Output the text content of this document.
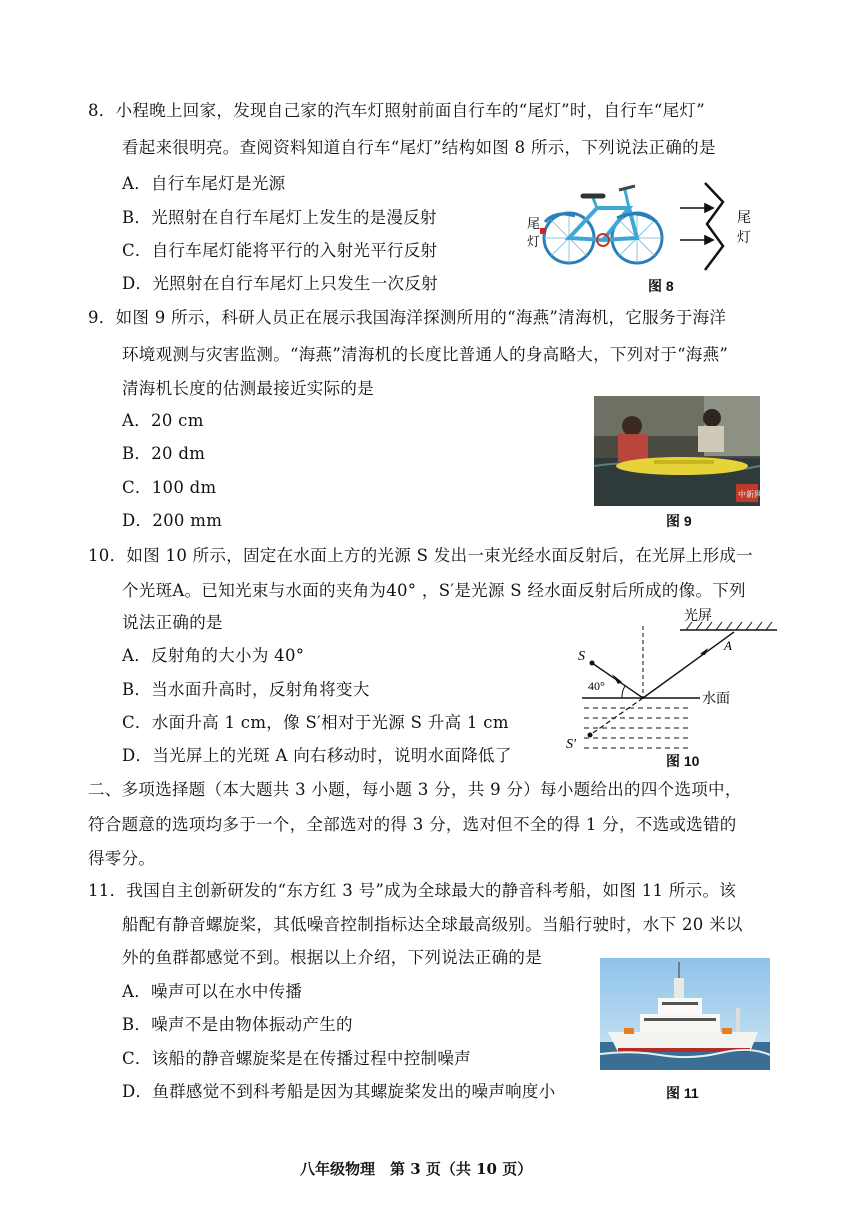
8．小程晚上回家，发现自己家的汽车灯照射前面自行车的“尾灯”时，自行车“尾灯”
看起来很明亮。查阅资料知道自行车“尾灯”结构如图 8 所示，下列说法正确的是
A．自行车尾灯是光源
B．光照射在自行车尾灯上发生的是漫反射
C．自行车尾灯能将平行的入射光平行反射
D．光照射在自行车尾灯上只发生一次反射
尾
灯
尾
灯
图 8
9．如图 9 所示，科研人员正在展示我国海洋探测所用的“海燕”清海机，它服务于海洋
环境观测与灾害监测。“海燕”清海机的长度比普通人的身高略大，下列对于“海燕”
清海机长度的估测最接近实际的是
A．20 cm
B．20 dm
C．100 dm
D．200 mm
中新网
图 9
10．如图 10 所示，固定在水面上方的光源 S 发出一束光经水面反射后，在光屏上形成一
个光斑A。已知光束与水面的夹角为40° ，S′是光源 S 经水面反射后所成的像。下列
说法正确的是
A．反射角的大小为 40°
B．当水面升高时，反射角将变大
C．水面升高 1 cm，像 S′相对于光源 S 升高 1 cm
D．当光屏上的光斑 A 向右移动时，说明水面降低了
光屏
40°
S
S′
A
水面
图 10
二、多项选择题（本大题共 3 小题，每小题 3 分，共 9 分）每小题给出的四个选项中，
符合题意的选项均多于一个，全部选对的得 3 分，选对但不全的得 1 分，不选或选错的
得零分。
11．我国自主创新研发的“东方红 3 号”成为全球最大的静音科考船，如图 11 所示。该
船配有静音螺旋桨，其低噪音控制指标达全球最高级别。当船行驶时，水下 20 米以
外的鱼群都感觉不到。根据以上介绍，下列说法正确的是
A．噪声可以在水中传播
B．噪声不是由物体振动产生的
C．该船的静音螺旋桨是在传播过程中控制噪声
D．鱼群感觉不到科考船是因为其螺旋桨发出的噪声响度小	图 11
八年级物理　第 3 页（共 10 页）
